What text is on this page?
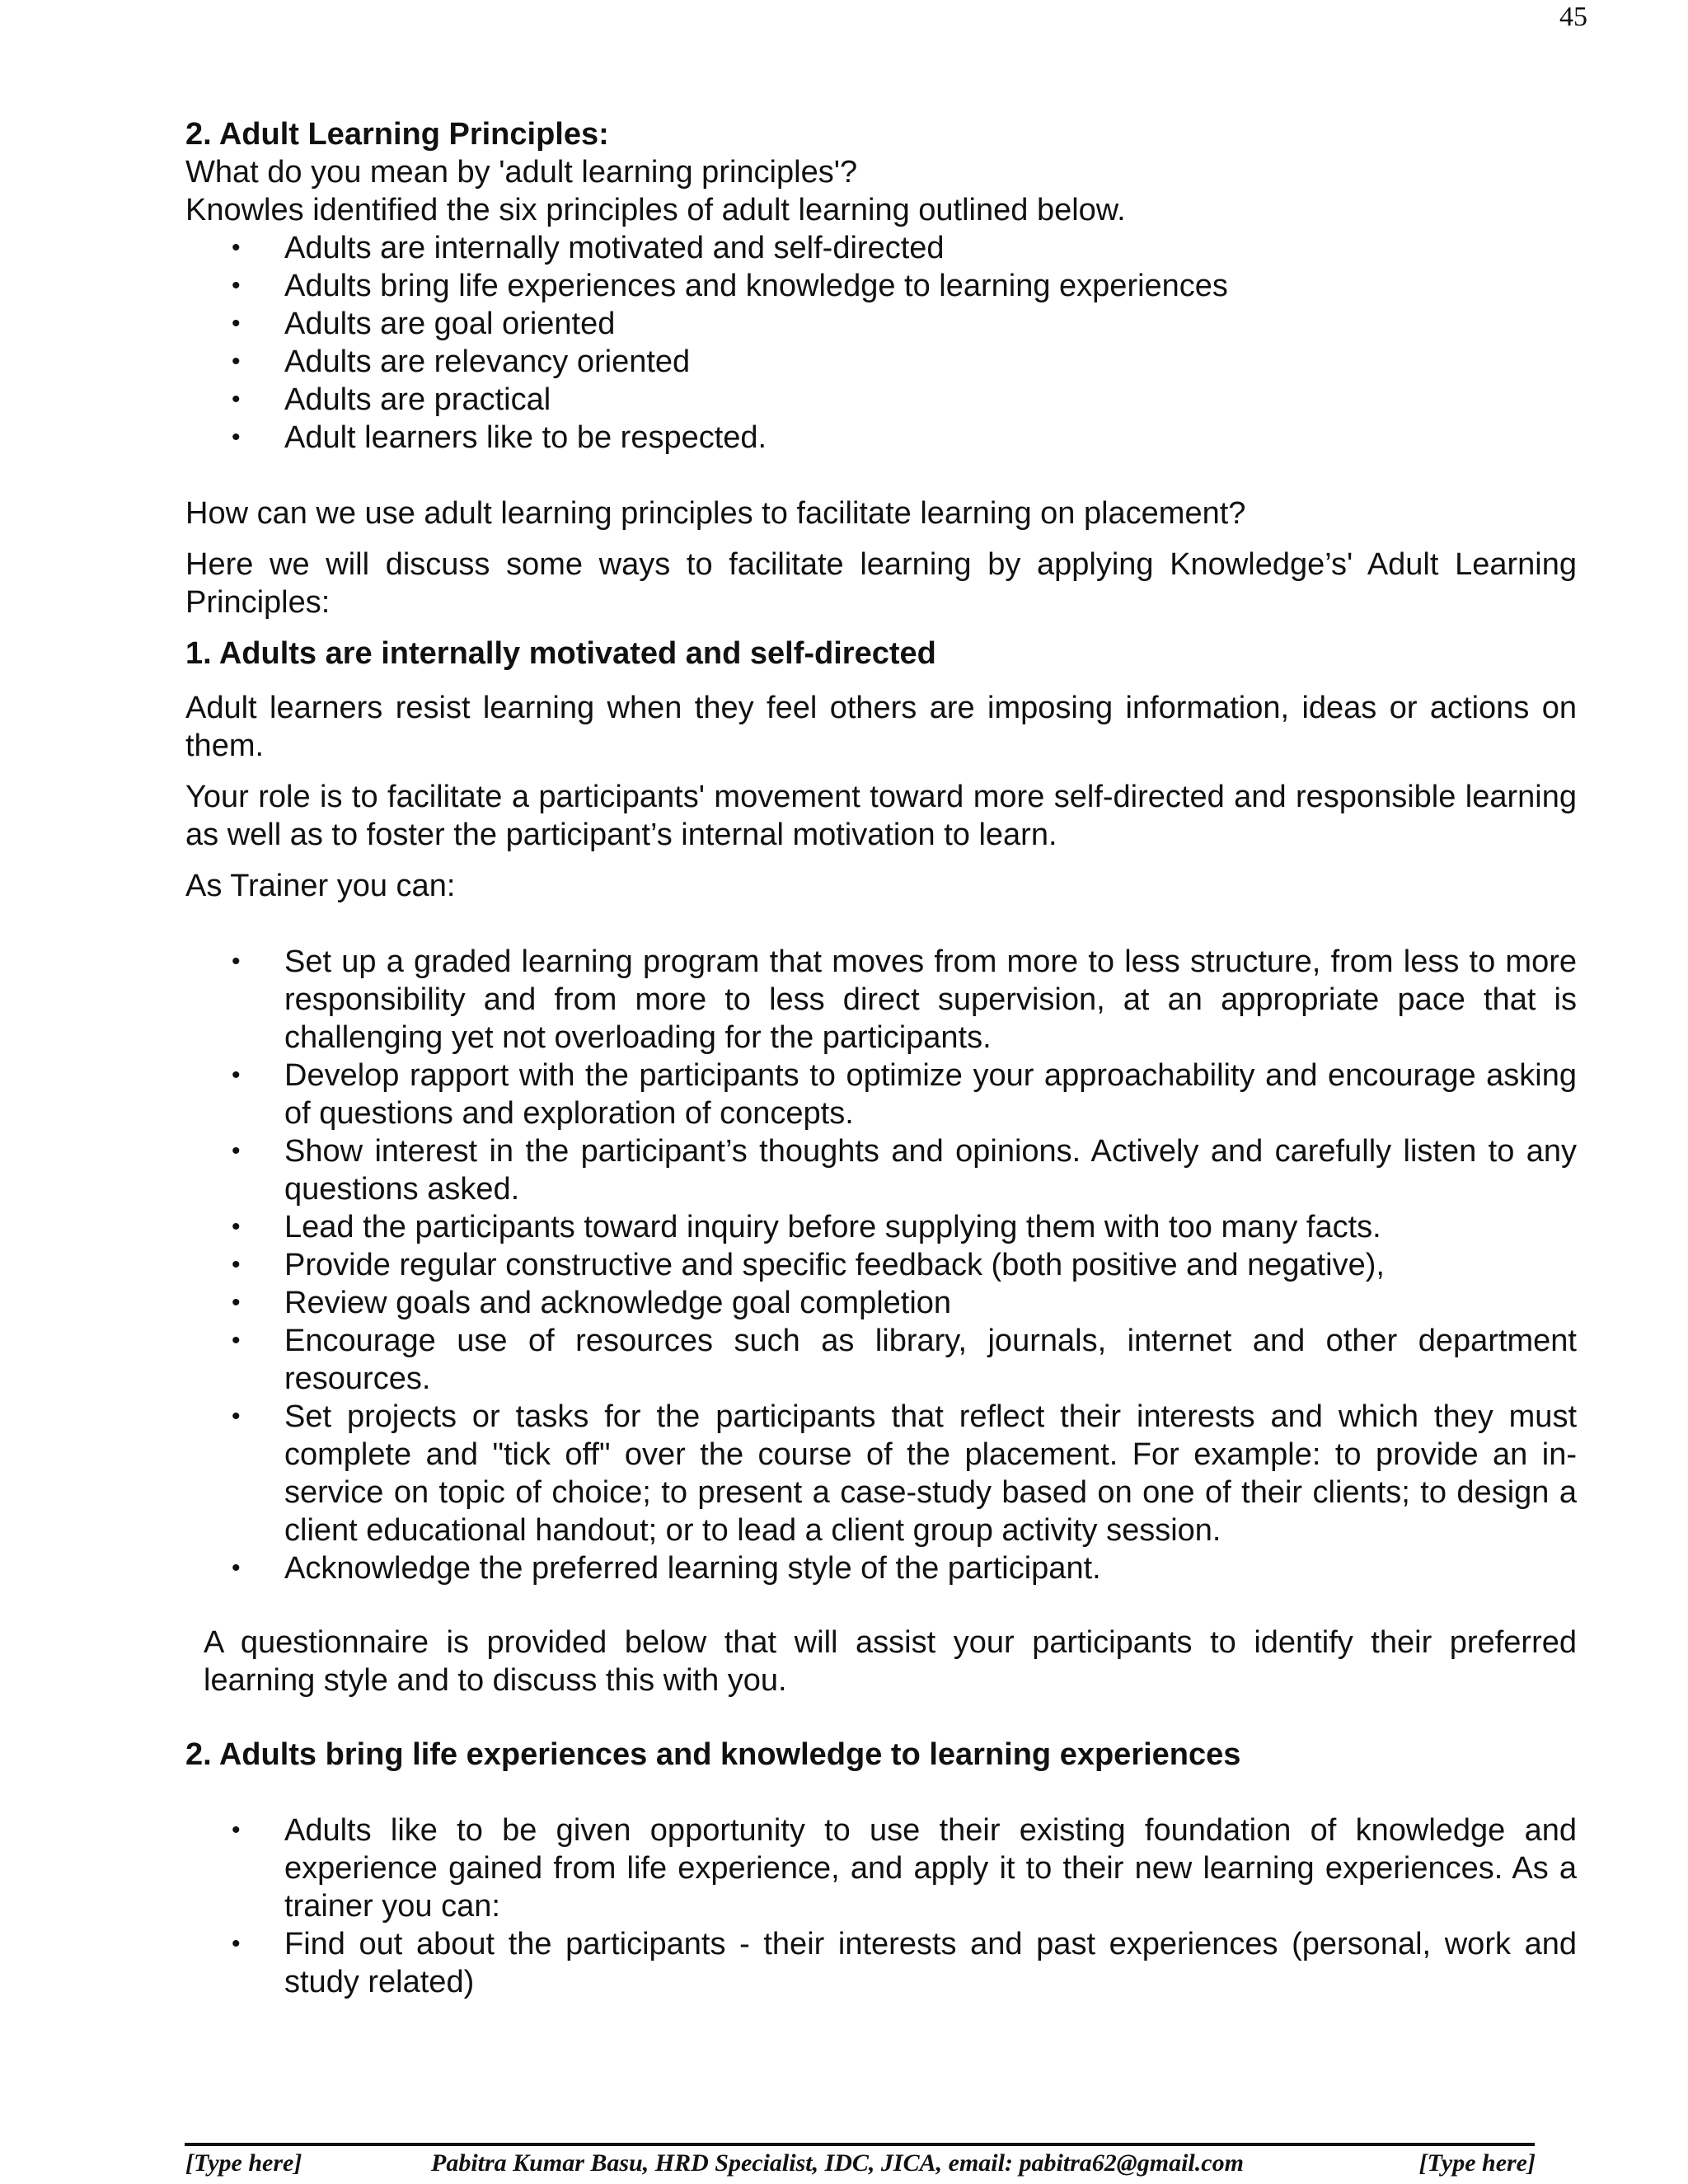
45

2. Adult Learning Principles:

What do you mean by 'adult learning principles'?

Knowles identified the six principles of adult learning outlined below.

• Adults are internally motivated and self-directed
• Adults bring life experiences and knowledge to learning experiences
• Adults are goal oriented
• Adults are relevancy oriented
• Adults are practical
• Adult learners like to be respected.

How can we use adult learning principles to facilitate learning on placement?

Here we will discuss some ways to facilitate learning by applying Knowledge’s' Adult Learning Principles:

1. Adults are internally motivated and self-directed

Adult learners resist learning when they feel others are imposing information, ideas or actions on them.

Your role is to facilitate a participants' movement toward more self-directed and responsible learning as well as to foster the participant’s internal motivation to learn.

As Trainer you can:

• Set up a graded learning program that moves from more to less structure, from less to more responsibility and from more to less direct supervision, at an appropriate pace that is challenging yet not overloading for the participants.
• Develop rapport with the participants to optimize your approachability and encourage asking of questions and exploration of concepts.
• Show interest in the participant’s thoughts and opinions. Actively and carefully listen to any questions asked.
• Lead the participants toward inquiry before supplying them with too many facts.
• Provide regular constructive and specific feedback (both positive and negative),
• Review goals and acknowledge goal completion
• Encourage use of resources such as library, journals, internet and other department resources.
• Set projects or tasks for the participants that reflect their interests and which they must complete and "tick off" over the course of the placement. For example: to provide an in-service on topic of choice; to present a case-study based on one of their clients; to design a client educational handout; or to lead a client group activity session.
• Acknowledge the preferred learning style of the participant.

A questionnaire is provided below that will assist your participants to identify their preferred learning style and to discuss this with you.

2. Adults bring life experiences and knowledge to learning experiences

• Adults like to be given opportunity to use their existing foundation of knowledge and experience gained from life experience, and apply it to their new learning experiences. As a trainer you can:
• Find out about the participants - their interests and past experiences (personal, work and study related)
[Type here]	Pabitra Kumar Basu, HRD Specialist, IDC, JICA, email: pabitra62@gmail.com	[Type here]
